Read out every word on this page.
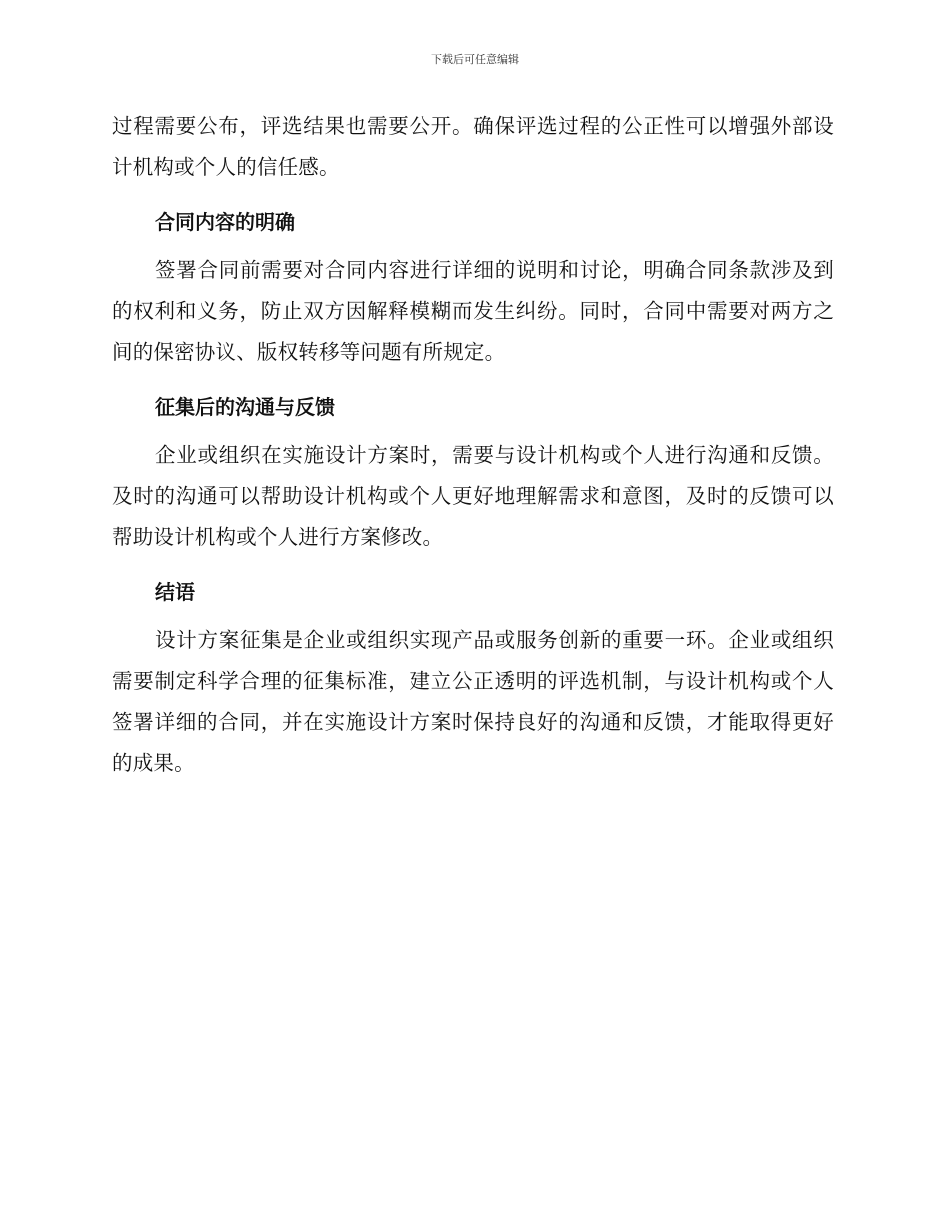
下载后可任意编辑

过程需要公布，评选结果也需要公开。确保评选过程的公正性可以增强外部设计机构或个人的信任感。

合同内容的明确

签署合同前需要对合同内容进行详细的说明和讨论，明确合同条款涉及到的权利和义务，防止双方因解释模糊而发生纠纷。同时，合同中需要对两方之间的保密协议、版权转移等问题有所规定。

征集后的沟通与反馈

企业或组织在实施设计方案时，需要与设计机构或个人进行沟通和反馈。及时的沟通可以帮助设计机构或个人更好地理解需求和意图，及时的反馈可以帮助设计机构或个人进行方案修改。

结语

设计方案征集是企业或组织实现产品或服务创新的重要一环。企业或组织需要制定科学合理的征集标准，建立公正透明的评选机制，与设计机构或个人签署详细的合同，并在实施设计方案时保持良好的沟通和反馈，才能取得更好的成果。
